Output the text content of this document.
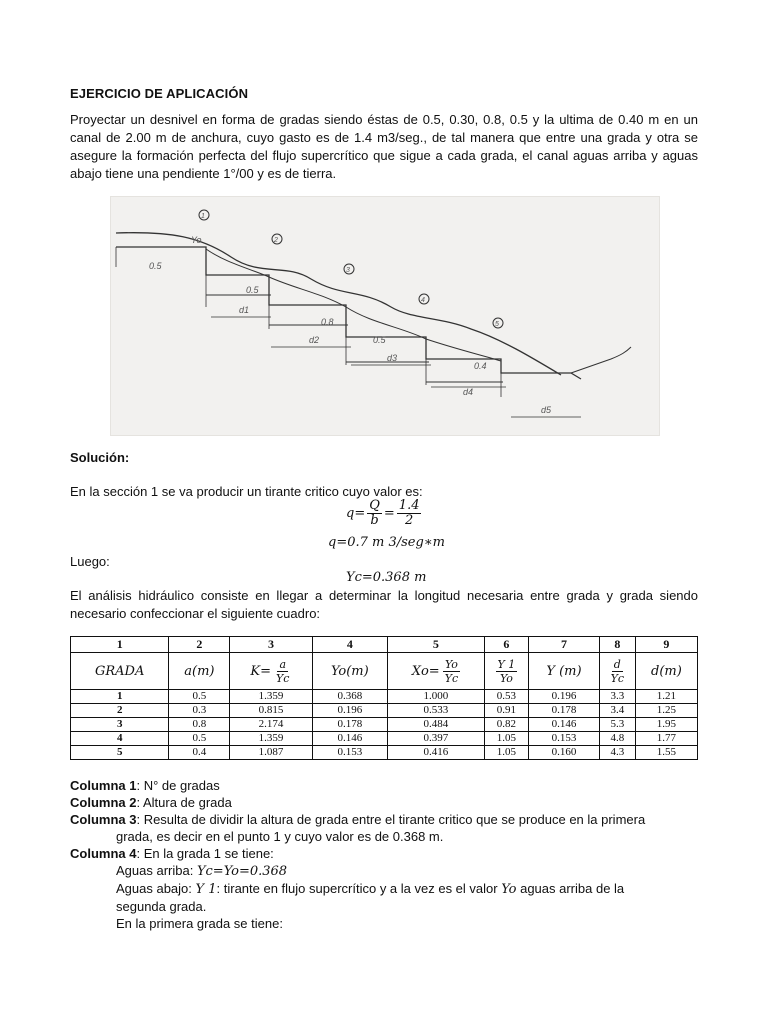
EJERCICIO DE APLICACIÓN

Proyectar un desnivel en forma de gradas siendo éstas de 0.5, 0.30, 0.8, 0.5 y la ultima de 0.40 m en un canal de 2.00 m de anchura, cuyo gasto es de 1.4 m3/seg., de tal manera que entre una grada y otra se asegure la formación perfecta del flujo supercrítico que sigue a cada grada, el canal aguas arriba y aguas abajo tiene una pendiente 1°/00 y es de tierra.

1
2
3
4
5
Yo
0.5
0.5
0.8
0.5
0.4
d1
d2
d3
d4
d5
Solución:
En la sección 1 se va producir un tirante critico cuyo valor es:
$q= \frac{Q}{b} = \frac{1.4}{2}$
q=0.7 m 3/seg∗m
Luego:
Yc=0.368 m
El análisis hidráulico consiste en llegar a determinar la longitud necesaria entre grada y grada siendo necesario confeccionar el siguiente cuadro:
1	2	3	4	5	6	7	8	9
GRADA	a(m)	$K= \frac{a}{Yc}$	Yo(m)	$Xo= \frac{Yo}{Yc}$	$\frac{Y 1}{Yo}$	Y (m)	$\frac{d}{Yc}$	d(m)
1	0.5	1.359	0.368	1.000	0.53	0.196	3.3	1.21
2	0.3	0.815	0.196	0.533	0.91	0.178	3.4	1.25
3	0.8	2.174	0.178	0.484	0.82	0.146	5.3	1.95
4	0.5	1.359	0.146	0.397	1.05	0.153	4.8	1.77
5	0.4	1.087	0.153	0.416	1.05	0.160	4.3	1.55
Columna 1: N° de gradas
Columna 2: Altura de grada
Columna 3: Resulta de dividir la altura de grada entre el tirante critico que se produce en la primera
grada, es decir en el punto 1 y cuyo valor es de 0.368 m.
Columna 4: En la grada 1 se tiene:
Aguas arriba: Yc=Yo=0.368
Aguas abajo: Y 1: tirante en flujo supercrítico y a la vez es el valor Yo aguas arriba de la
segunda grada.
En la primera grada se tiene:
